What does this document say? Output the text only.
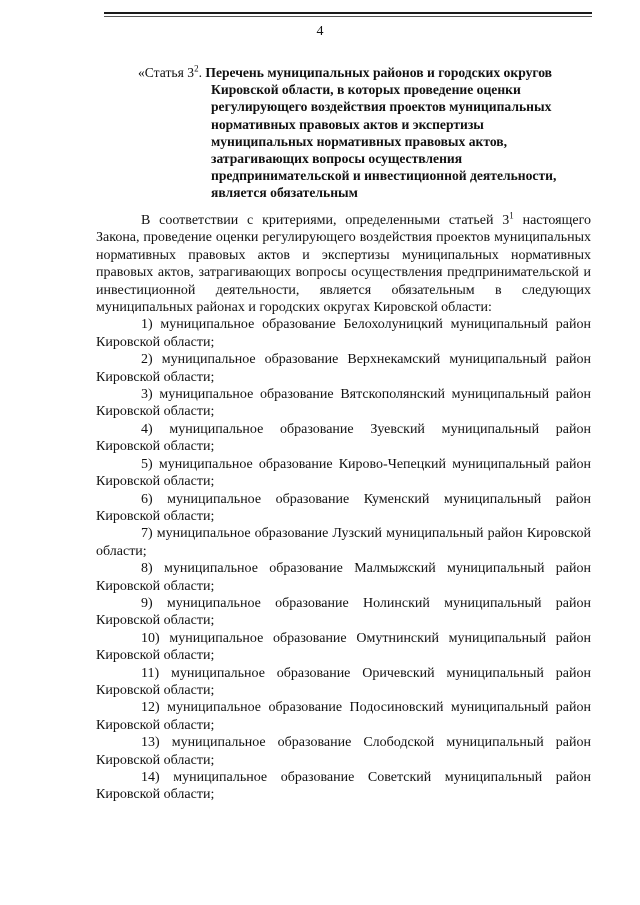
4
«Статья $3^2$. Перечень муниципальных районов и городских округов
Кировской области, в которых проведение оценки
регулирующего воздействия проектов муниципальных
нормативных правовых актов и экспертизы
муниципальных нормативных правовых актов,
затрагивающих вопросы осуществления
предпринимательской и инвестиционной деятельности,
является обязательным

В соответствии с критериями, определенными статьей $3^1$ настоящего Закона, проведение оценки регулирующего воздействия проектов муниципальных нормативных правовых актов и экспертизы муниципальных нормативных правовых актов, затрагивающих вопросы осуществления предпринимательской и инвестиционной деятельности, является обязательным в следующих муниципальных районах и городских округах Кировской области:

1) муниципальное образование Белохолуницкий муниципальный район Кировской области;

2) муниципальное образование Верхнекамский муниципальный район Кировской области;

3) муниципальное образование Вятскополянский муниципальный район Кировской области;

4) муниципальное образование Зуевский муниципальный район Кировской области;

5) муниципальное образование Кирово-Чепецкий муниципальный район Кировской области;

6) муниципальное образование Куменский муниципальный район Кировской области;

7) муниципальное образование Лузский муниципальный район Кировской области;

8) муниципальное образование Малмыжский муниципальный район Кировской области;

9) муниципальное образование Нолинский муниципальный район Кировской области;

10) муниципальное образование Омутнинский муниципальный район Кировской области;

11) муниципальное образование Оричевский муниципальный район Кировской области;

12) муниципальное образование Подосиновский муниципальный район Кировской области;

13) муниципальное образование Слободской муниципальный район Кировской области;

14) муниципальное образование Советский муниципальный район Кировской области;
